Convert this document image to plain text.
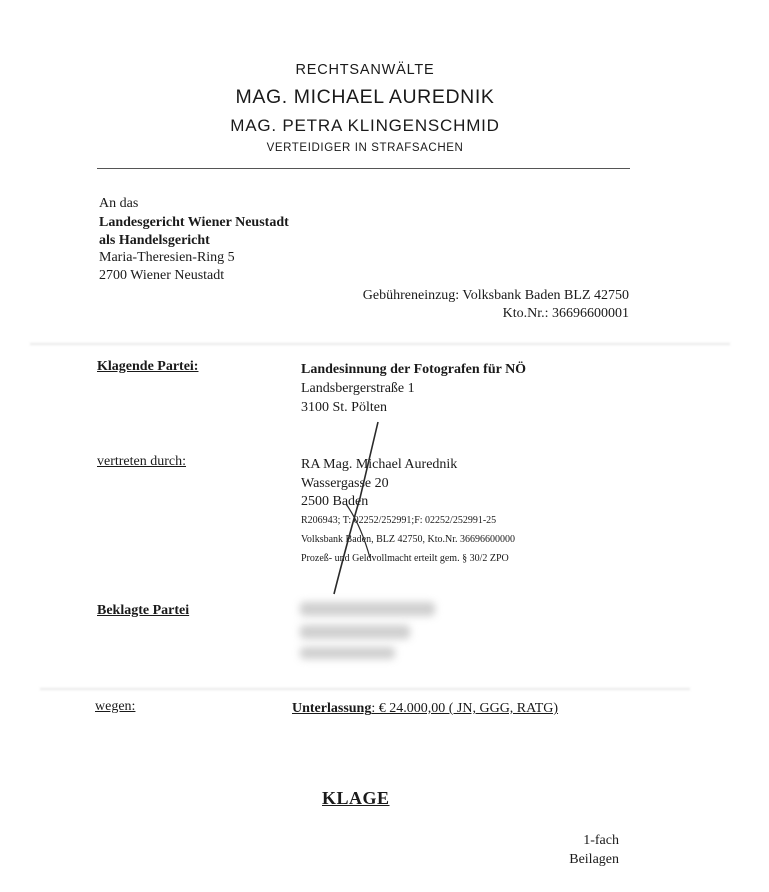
RECHTSANWÄLTE
MAG. MICHAEL AUREDNIK
MAG. PETRA KLINGENSCHMID
VERTEIDIGER IN STRAFSACHEN
An das
Landesgericht Wiener Neustadt
als Handelsgericht
Maria-Theresien-Ring 5
2700 Wiener Neustadt
Gebühreneinzug: Volksbank Baden BLZ 42750
Kto.Nr.: 36696600001
Klagende Partei:	Landesinnung der Fotografen für NÖ
Landsbergerstraße 1
3100 St. Pölten
vertreten durch:	RA Mag. Michael Aurednik
Wassergasse 20
2500 Baden
R206943; T: 02252/252991;F: 02252/252991-25
Volksbank Baden, BLZ 42750, Kto.Nr. 36696600000
Prozeß- und Geldvollmacht erteilt gem. § 30/2 ZPO
Beklagte Partei
wegen:	Unterlassung: € 24.000,00 ( JN, GGG, RATG)
KLAGE
1-fach
Beilagen
